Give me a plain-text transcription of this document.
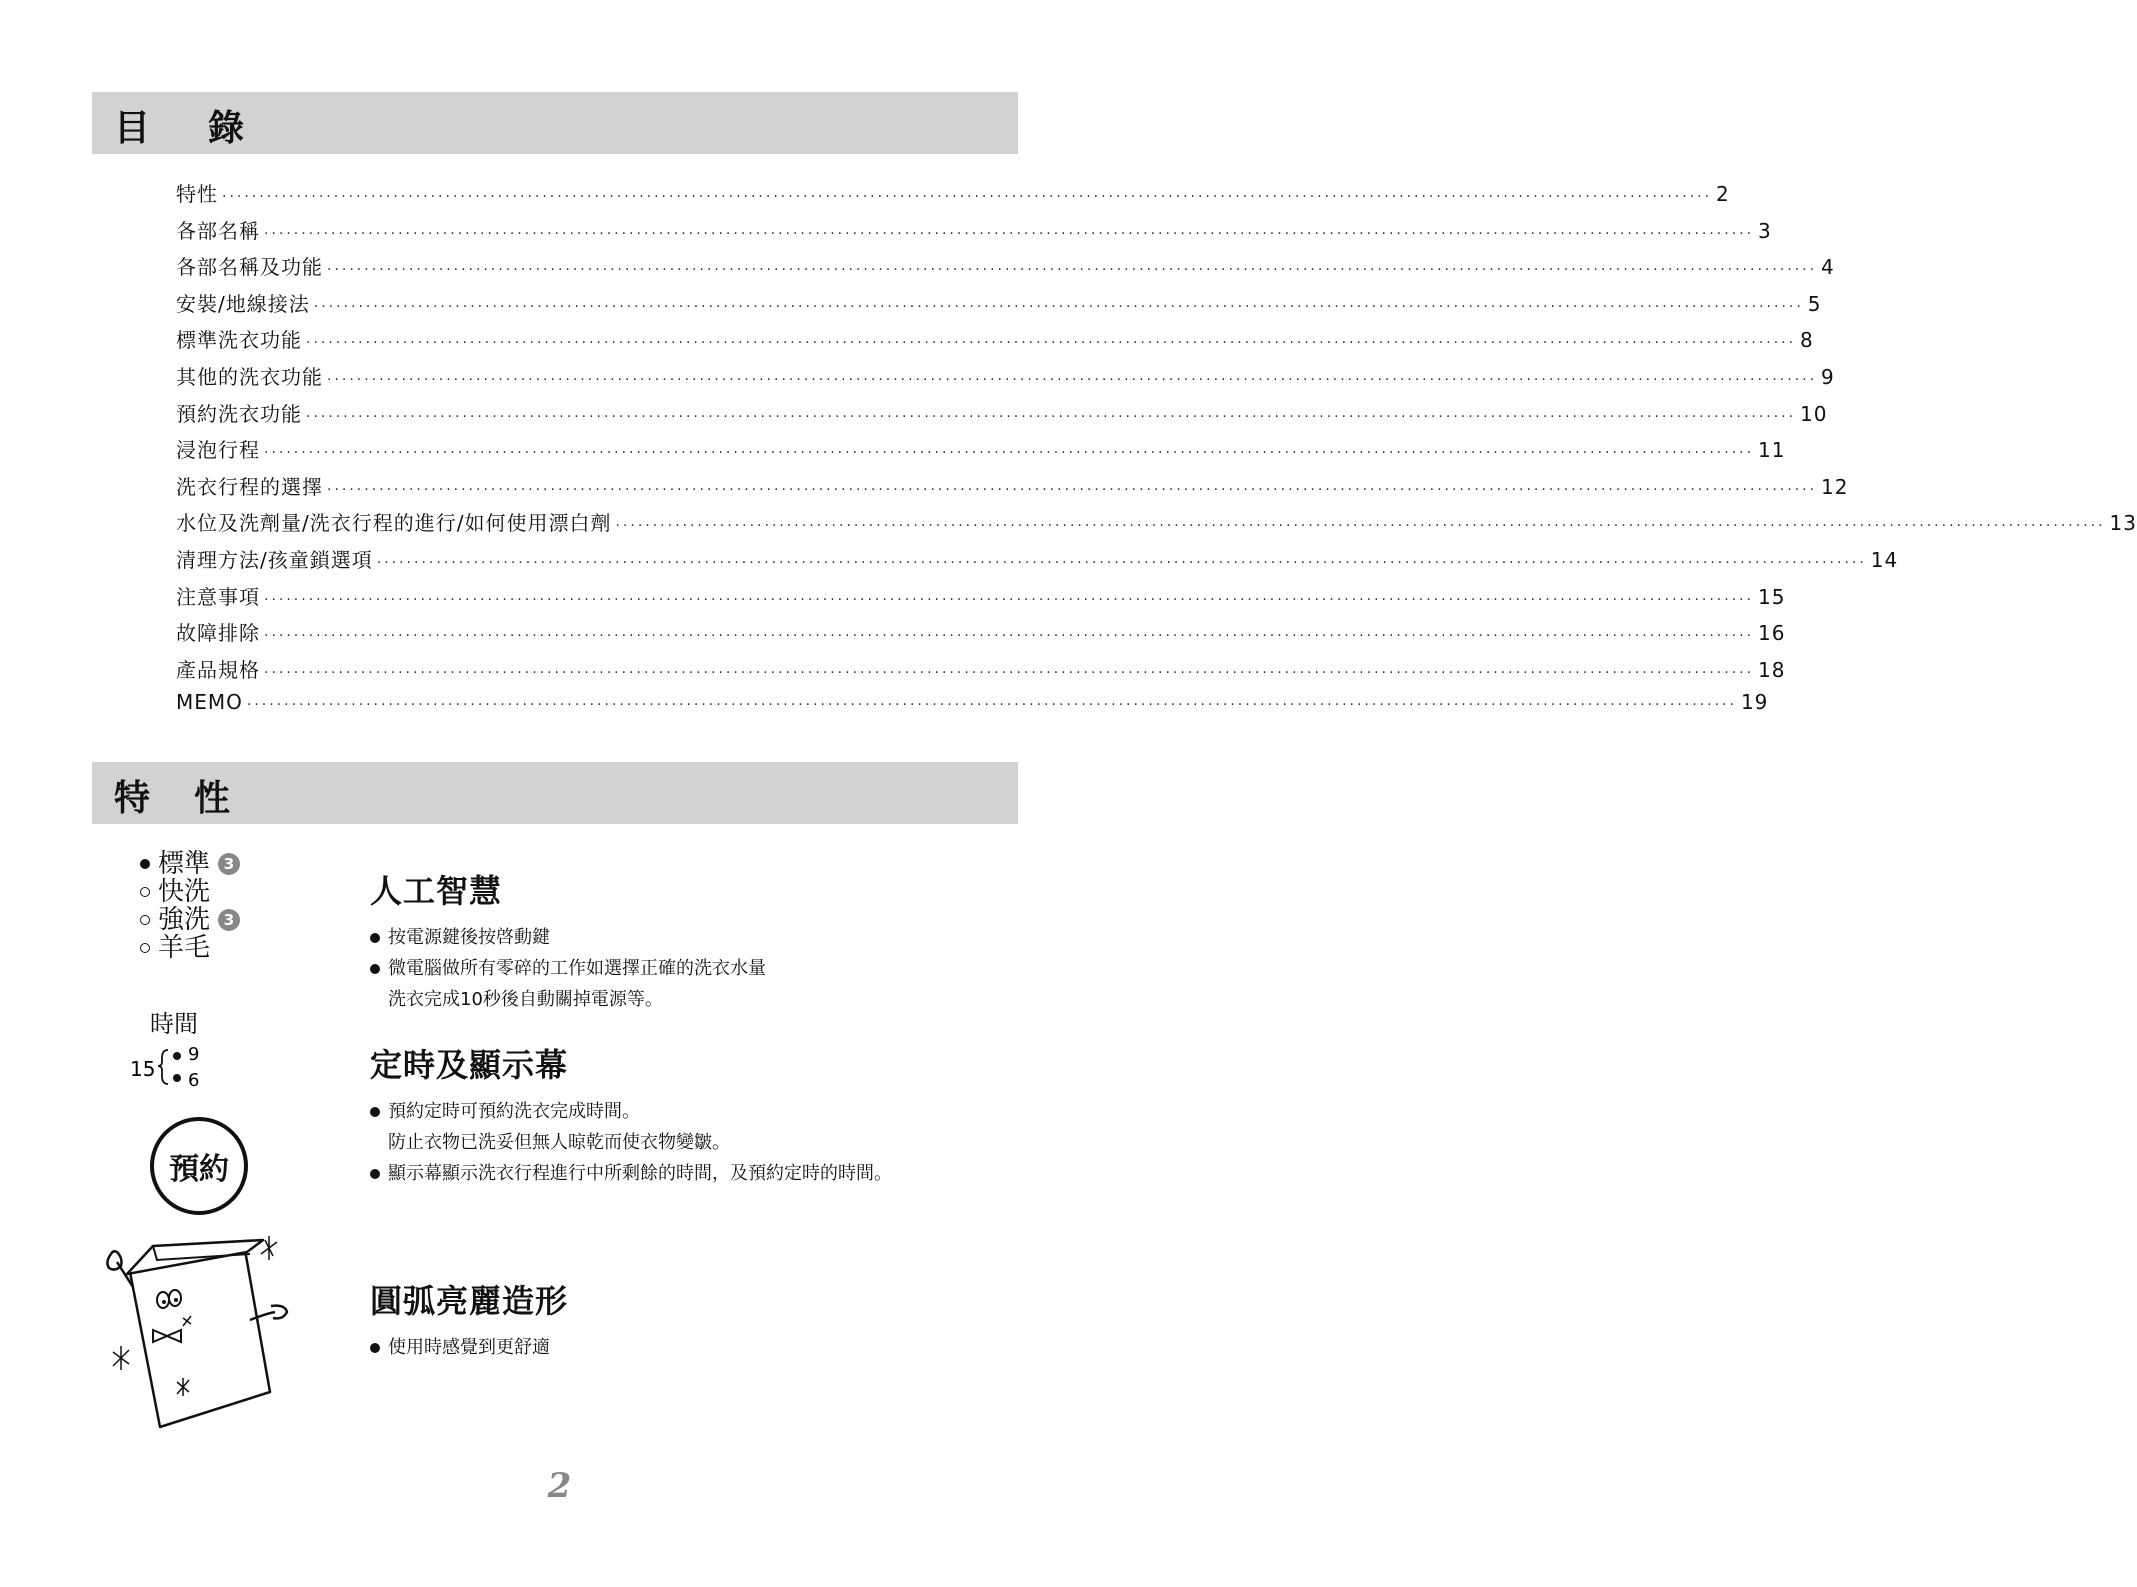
目 錄
特性 ········································································································································································································ 2
各部名稱 ········································································································································································································ 3
各部名稱及功能 ········································································································································································································ 4
安裝/地線接法 ········································································································································································································ 5
標準洗衣功能 ········································································································································································································ 8
其他的洗衣功能 ········································································································································································································ 9
預約洗衣功能 ········································································································································································································ 10
浸泡行程 ········································································································································································································ 11
洗衣行程的選擇 ········································································································································································································ 12
水位及洗劑量/洗衣行程的進行/如何使用漂白劑 ········································································································································································································ 13
清理方法/孩童鎖選項 ········································································································································································································ 14
注意事項 ········································································································································································································ 15
故障排除 ········································································································································································································ 16
產品規格 ········································································································································································································ 18
MEMO ········································································································································································································ 19
特 性
標準 3
快洗
強洗 3
羊毛
時間
15
9
6
預約
人工智慧
按電源鍵後按啓動鍵
微電腦做所有零碎的工作如選擇正確的洗衣水量
洗衣完成10秒後自動關掉電源等。
定時及顯示幕
預約定時可預約洗衣完成時間。
防止衣物已洗妥但無人晾乾而使衣物變皺。
顯示幕顯示洗衣行程進行中所剩餘的時間，及預約定時的時間。
圓弧亮麗造形
使用時感覺到更舒適
2
